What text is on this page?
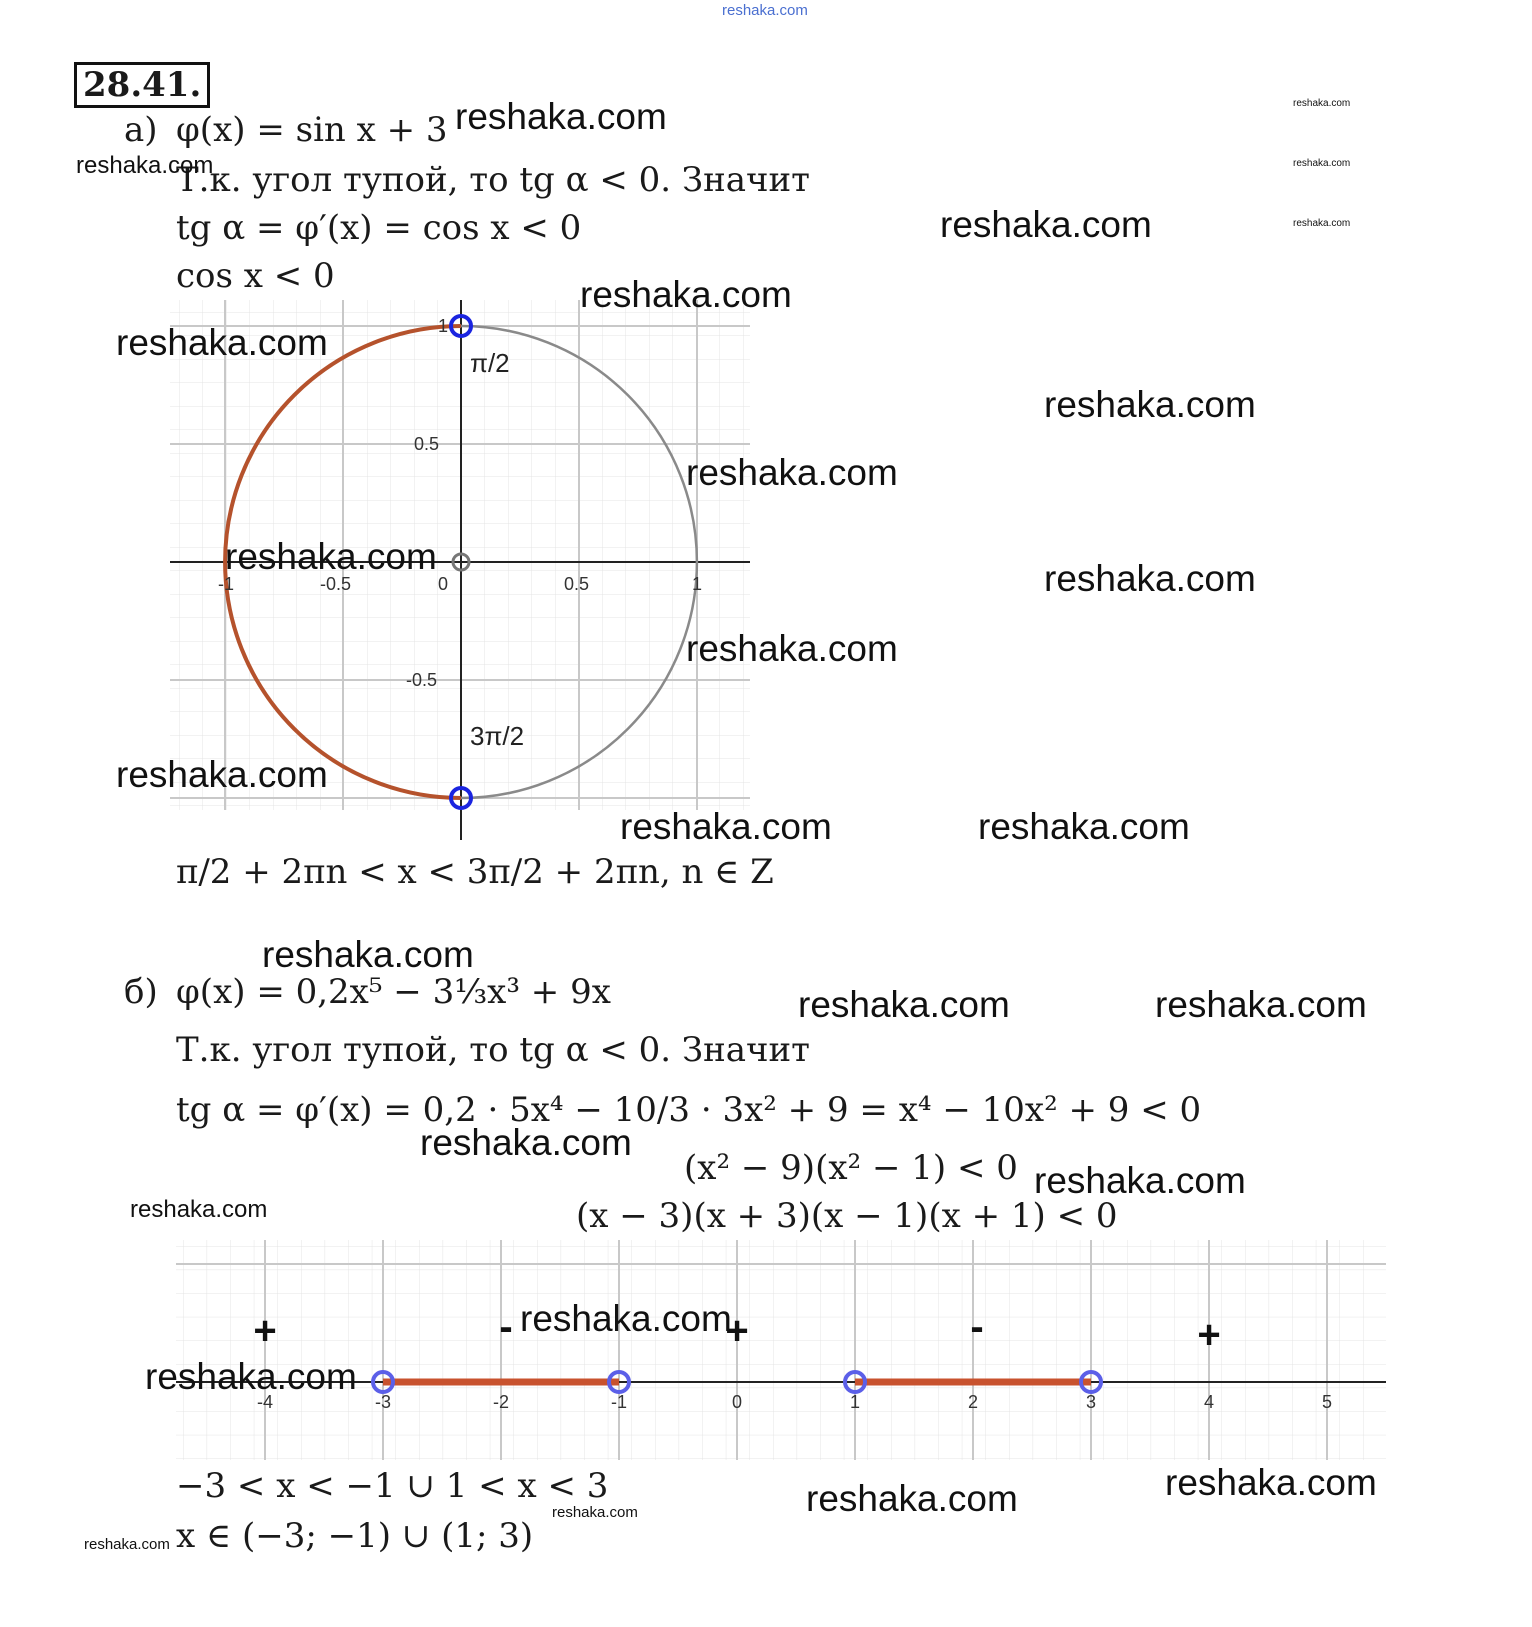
reshaka.com
28.41.
а) φ(x) = sin x + 3
Т.к. угол тупой, то tg α < 0. Значит
tg α = φ′(x) = cos x < 0
cos x < 0
-1	-0.5	0	0.5	1
1
0.5
-0.5
π/2
3π/2
π/2 + 2πn < x < 3π/2 + 2πn, n ∈ Z
б) φ(x) = 0,2x⁵ − 3⅓x³ + 9x
Т.к. угол тупой, то tg α < 0. Значит
tg α = φ′(x) = 0,2 · 5x⁴ − 10/3 · 3x² + 9 = x⁴ − 10x² + 9 < 0
(x² − 9)(x² − 1) < 0
(x − 3)(x + 3)(x − 1)(x + 1) < 0
-4	-3	-2	-1	0	1	2	3	4	5
+	-	+	-	+
−3 < x < −1 ∪ 1 < x < 3
x ∈ (−3; −1) ∪ (1; 3)
reshaka.com
reshaka.com
reshaka.com
reshaka.com
reshaka.com
reshaka.com
reshaka.com
reshaka.com
reshaka.com
reshaka.com
reshaka.com
reshaka.com
reshaka.com
reshaka.com
reshaka.com	reshaka.com
reshaka.com
reshaka.com	reshaka.com
reshaka.com
reshaka.com
reshaka.com
reshaka.com
reshaka.com
reshaka.com
reshaka.com
reshaka.com
reshaka.com
